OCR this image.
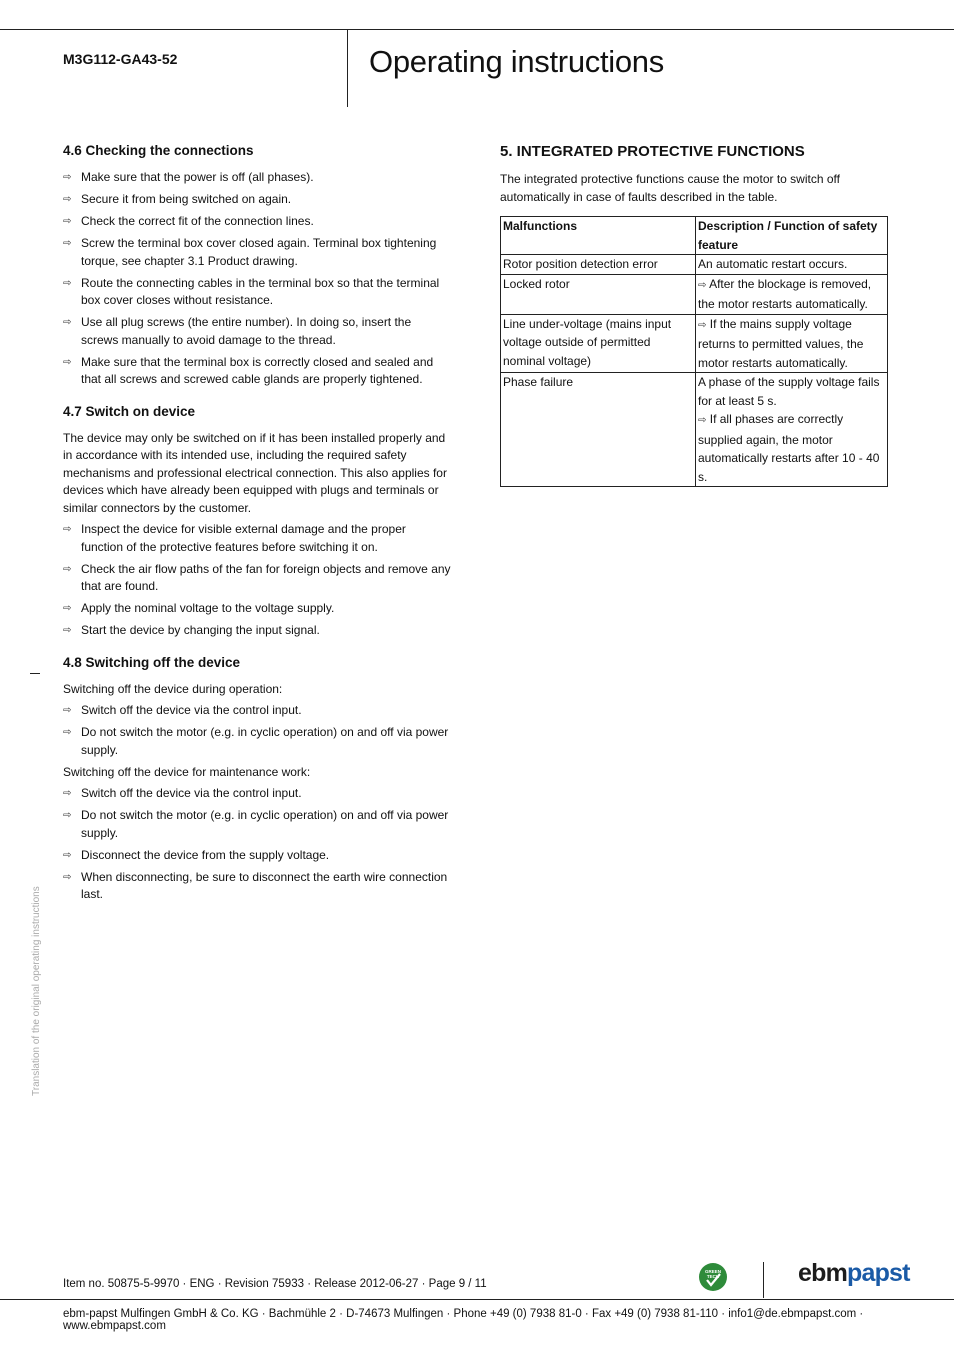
M3G112-GA43-52	Operating instructions
Translation of the original operating instructions
4.6 Checking the connections
⇨ Make sure that the power is off (all phases).
⇨ Secure it from being switched on again.
⇨ Check the correct fit of the connection lines.
⇨ Screw the terminal box cover closed again. Terminal box tightening torque, see chapter 3.1 Product drawing.
⇨ Route the connecting cables in the terminal box so that the terminal box cover closes without resistance.
⇨ Use all plug screws (the entire number). In doing so, insert the screws manually to avoid damage to the thread.
⇨ Make sure that the terminal box is correctly closed and sealed and that all screws and screwed cable glands are properly tightened.
4.7 Switch on device

The device may only be switched on if it has been installed properly and in accordance with its intended use, including the required safety mechanisms and professional electrical connection. This also applies for devices which have already been equipped with plugs and terminals or similar connectors by the customer.

⇨ Inspect the device for visible external damage and the proper function of the protective features before switching it on.
⇨ Check the air flow paths of the fan for foreign objects and remove any that are found.
⇨ Apply the nominal voltage to the voltage supply.
⇨ Start the device by changing the input signal.
4.8 Switching off the device

Switching off the device during operation:

⇨ Switch off the device via the control input.
⇨ Do not switch the motor (e.g. in cyclic operation) on and off via power supply.

Switching off the device for maintenance work:

⇨ Switch off the device via the control input.
⇨ Do not switch the motor (e.g. in cyclic operation) on and off via power supply.
⇨ Disconnect the device from the supply voltage.
⇨ When disconnecting, be sure to disconnect the earth wire connection last.
5. INTEGRATED PROTECTIVE FUNCTIONS

The integrated protective functions cause the motor to switch off automatically in case of faults described in the table.

Malfunctions	Description / Function of safety feature
Rotor position detection error	An automatic restart occurs.

Locked rotor	⇨ After the blockage is removed, the motor restarts automatically.

Line under-voltage (mains input voltage outside of permitted nominal voltage)	⇨ If the mains supply voltage returns to permitted values, the motor restarts automatically.

Phase failure	A phase of the supply voltage fails for at least 5 s.
⇨ If all phases are correctly supplied again, the motor automatically restarts after 10 - 40 s.
Item no. 50875-5-9970 · ENG · Revision 75933 · Release 2012-06-27 · Page 9 / 11
GREEN
TECH	ebmpapst
ebm-papst Mulfingen GmbH & Co. KG · Bachmühle 2 · D-74673 Mulfingen · Phone +49 (0) 7938 81-0 · Fax +49 (0) 7938 81-110 · info1@de.ebmpapst.com · www.ebmpapst.com
